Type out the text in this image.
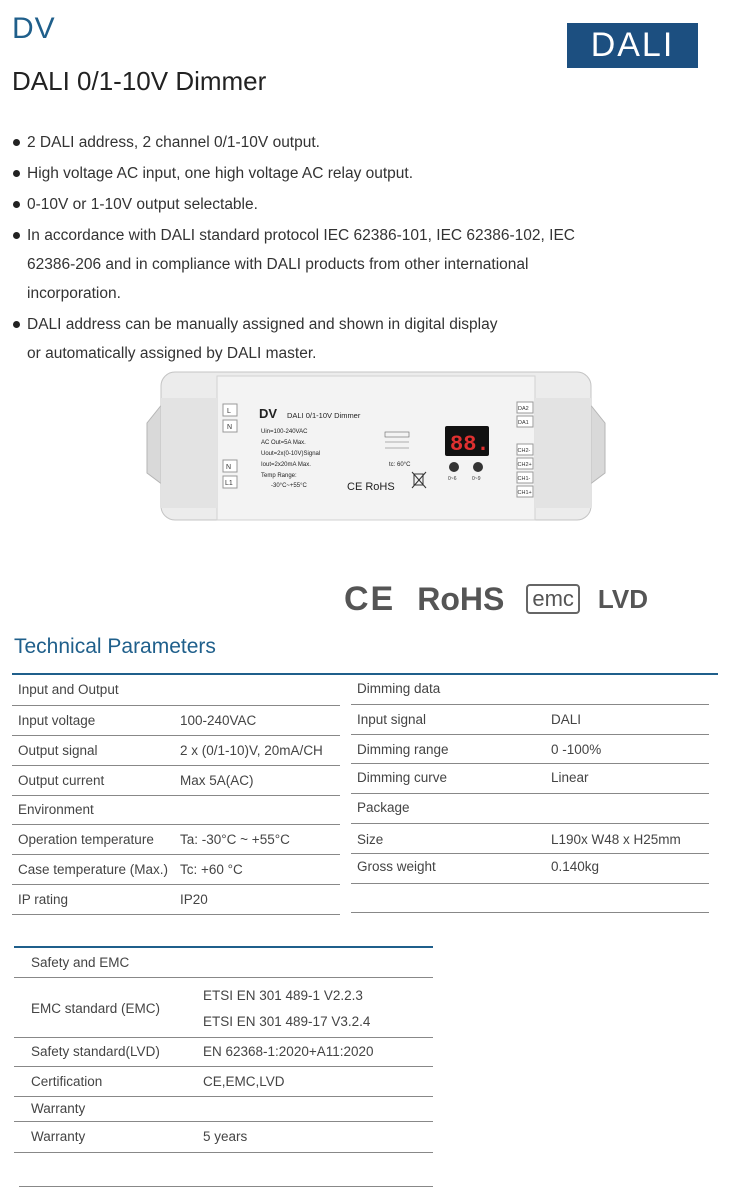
DV
DALI 0/1-10V Dimmer
DALI
2 DALI address, 2 channel 0/1-10V output.
High voltage AC input, one high voltage AC relay output.
0-10V or 1-10V output selectable.
In accordance with DALI standard protocol IEC 62386-101, IEC 62386-102, IEC 62386-206 and in compliance with DALI products from other international incorporation.
DALI address can be manually assigned and shown in digital display or automatically assigned by DALI master.
L
N
N
L1
DA2
DA1
CH2-
CH2+
CH1-
CH1+
DV DALI 0/1-10V Dimmer
Uin=100-240VAC
AC Out=5A Max.
Uout=2x(0-10V)Signal
Iout=2x20mA Max.
Temp Range:
-30°C~+55°C
tc: 60°C
CE RoHS
88.
0~6	0~9
CE RoHS emc LVD
Technical Parameters
Input and Output
Input voltage	100-240VAC
Output signal	2 x (0/1-10)V, 20mA/CH
Output current	Max 5A(AC)
Environment
Operation temperature Ta: -30°C ~ +55°C
Case temperature (Max.) Tc: +60 °C
IP rating	IP20
Dimming data
Input signal	DALI
Dimming range	0 -100%
Dimming curve	Linear
Package
Size	L190x W48 x H25mm
Gross weight	0.140kg
Safety and EMC
EMC standard (EMC)
ETSI EN 301 489-1 V2.2.3
ETSI EN 301 489-17 V3.2.4
Safety standard(LVD)	EN 62368-1:2020+A11:2020
Certification	CE,EMC,LVD
Warranty
Warranty	5 years
